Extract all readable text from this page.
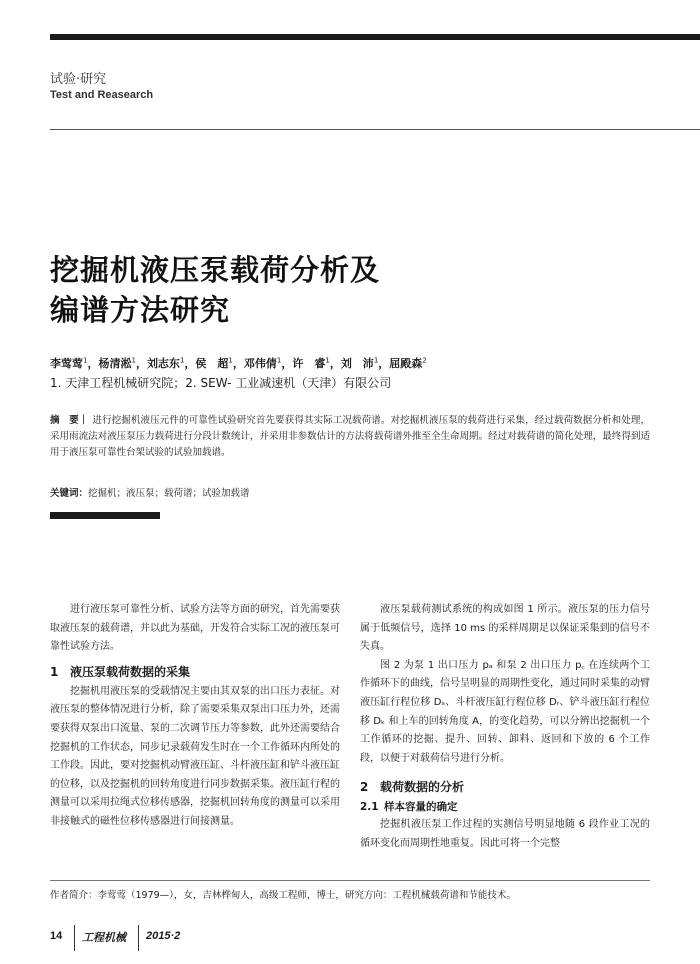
试验·研究
Test and Reasearch
挖掘机液压泵载荷分析及
编谱方法研究
李莺莺$^1$，杨清淞$^1$，刘志东$^1$，侯　超$^1$，邓伟倩$^1$，许　睿$^1$，刘　沛$^1$，屈殿森$^2$
1. 天津工程机械研究院；2. SEW- 工业减速机（天津）有限公司
摘　要｜ 进行挖掘机液压元件的可靠性试验研究首先要获得其实际工况载荷谱。对挖掘机液压泵的载荷进行采集，经过载荷数据分析和处理，采用雨流法对液压泵压力载荷进行分段计数统计，并采用非参数估计的方法将载荷谱外推至全生命周期。经过对载荷谱的简化处理，最终得到适用于液压泵可靠性台架试验的试验加载谱。
关键词：挖掘机；液压泵；载荷谱；试验加载谱

进行液压泵可靠性分析、试验方法等方面的研究，首先需要获取液压泵的载荷谱，并以此为基础，开发符合实际工况的液压泵可靠性试验方法。

1 液压泵载荷数据的采集

挖掘机用液压泵的受载情况主要由其双泵的出口压力表征。对液压泵的整体情况进行分析，除了需要采集双泵出口压力外，还需要获得双泵出口流量、泵的二次调节压力等参数，此外还需要结合挖掘机的工作状态，同步记录载荷发生时在一个工作循环内所处的工作段。因此，要对挖掘机动臂液压缸、斗杆液压缸和铲斗液压缸的位移，以及挖掘机的回转角度进行同步数据采集。液压缸行程的测量可以采用拉绳式位移传感器，挖掘机回转角度的测量可以采用非接触式的磁性位移传感器进行间接测量。

液压泵载荷测试系统的构成如图 1 所示。液压泵的压力信号属于低频信号，选择 10 ms 的采样周期足以保证采集到的信号不失真。

图 2 为泵 1 出口压力 pₐ 和泵 2 出口压力 p꜀ 在连续两个工作循环下的曲线，信号呈明显的周期性变化，通过同时采集的动臂液压缸行程位移 Dₛ、斗杆液压缸行程位移 Dᵣ、铲斗液压缸行程位移 Dₖ 和上车的回转角度 A，的变化趋势，可以分辨出挖掘机一个工作循环的挖掘、提升、回转、卸料、返回和下放的 6 个工作段，以便于对载荷信号进行分析。

2 载荷数据的分析
2.1 样本容量的确定

挖掘机液压泵工作过程的实测信号明显地随 6 段作业工况的循环变化而周期性地重复。因此可将一个完整

作者简介：李莺莺（1979—），女，吉林桦甸人，高级工程师，博士，研究方向：工程机械载荷谱和节能技术。
14 工程机械 2015·2
